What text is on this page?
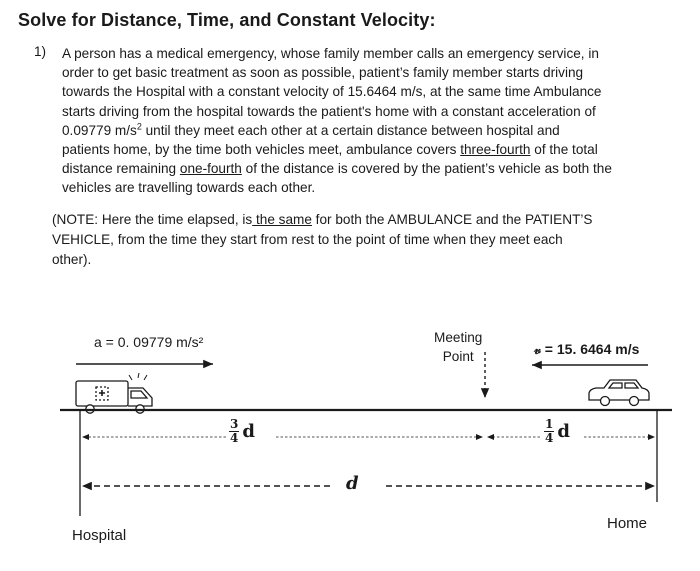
Solve for Distance, Time, and Constant Velocity:
1) A person has a medical emergency, whose family member calls an emergency service, in
order to get basic treatment as soon as possible, patient’s family member starts driving
towards the Hospital with a constant velocity of 15.6464 m/s, at the same time Ambulance
starts driving from the hospital towards the patient's home with a constant acceleration of
0.09779 $m/s^2$ until they meet each other at a certain distance between hospital and
patients home, by the time both vehicles meet, ambulance covers three-fourth of the total
distance remaining one-fourth of the distance is covered by the patient’s vehicle as both the
vehicles are travelling towards each other.
(NOTE: Here the time elapsed, is the same for both the AMBULANCE and the PATIENT’S
VEHICLE, from the time they start from rest to the point of time when they meet each
other).
a = 0. 09779 m/s²	Meeting
Point	𝓋 = 15. 6464 m/s
$\frac{3}{4}$ d	$\frac{1}{4}$ d
d
Hospital
Home
